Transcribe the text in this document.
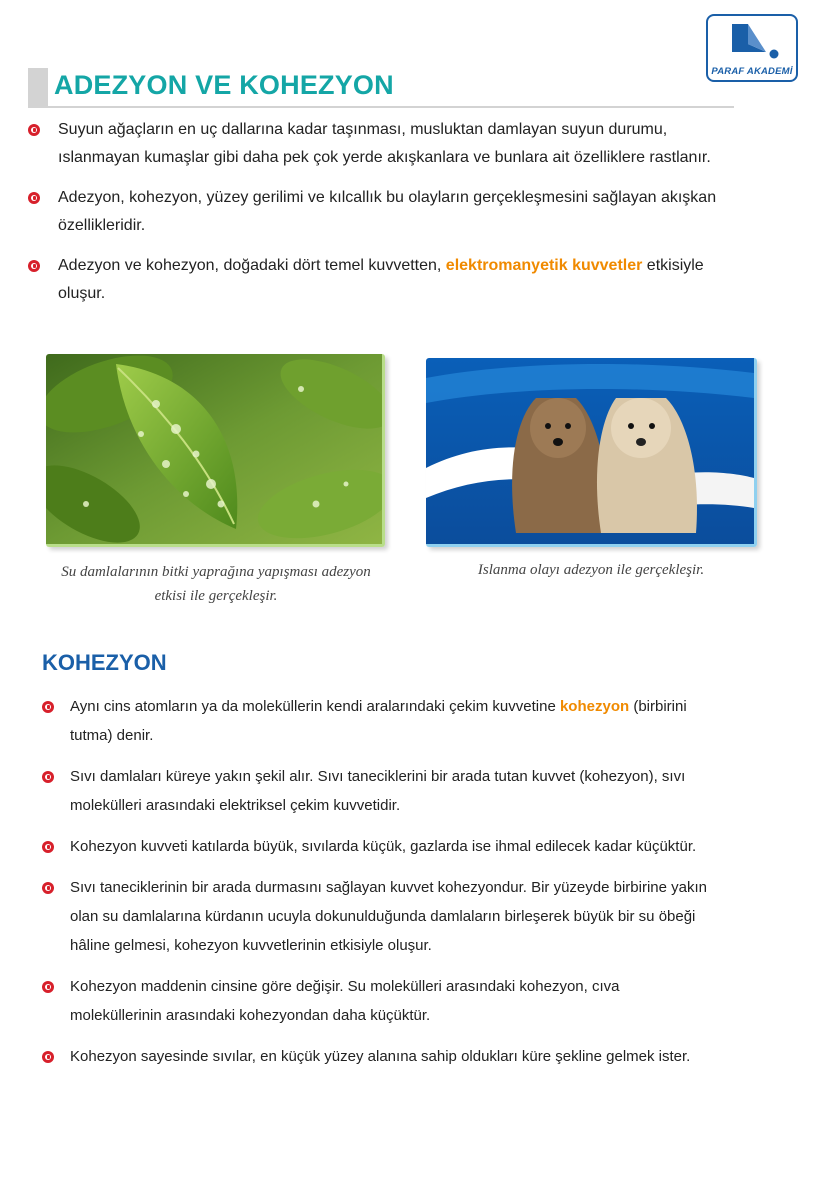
PARAF AKADEMİ
ADEZYON VE KOHEZYON
Suyun ağaçların en uç dallarına kadar taşınması, musluktan damlayan suyun durumu, ıslanmayan kumaşlar gibi daha pek çok yerde akışkanlara ve bunlara ait özelliklere rastlanır.
Adezyon, kohezyon, yüzey gerilimi ve kılcallık bu olayların gerçekleşmesini sağlayan akışkan özellikleridir.
Adezyon ve kohezyon, doğadaki dört temel kuvvetten, elektromanyetik kuvvetler etkisiyle oluşur.
Su damlalarının bitki yaprağına yapışması adezyon etkisi ile gerçekleşir.
Islanma olayı adezyon ile gerçekleşir.
KOHEZYON
Aynı cins atomların ya da moleküllerin kendi aralarındaki çekim kuvvetine kohezyon (birbirini tutma) denir.
Sıvı damlaları küreye yakın şekil alır. Sıvı taneciklerini bir arada tutan kuvvet (kohezyon), sıvı molekülleri arasındaki elektriksel çekim kuvvetidir.
Kohezyon kuvveti katılarda büyük, sıvılarda küçük, gazlarda ise ihmal edilecek kadar küçüktür.
Sıvı taneciklerinin bir arada durmasını sağlayan kuvvet kohezyondur. Bir yüzeyde birbirine yakın olan su damlalarına kürdanın ucuyla dokunulduğunda damlaların birleşerek büyük bir su öbeği hâline gelmesi, kohezyon kuvvetlerinin etkisiyle oluşur.
Kohezyon maddenin cinsine göre değişir. Su molekülleri arasındaki kohezyon, cıva moleküllerinin arasındaki kohezyondan daha küçüktür.
Kohezyon sayesinde sıvılar, en küçük yüzey alanına sahip oldukları küre şekline gelmek ister.
